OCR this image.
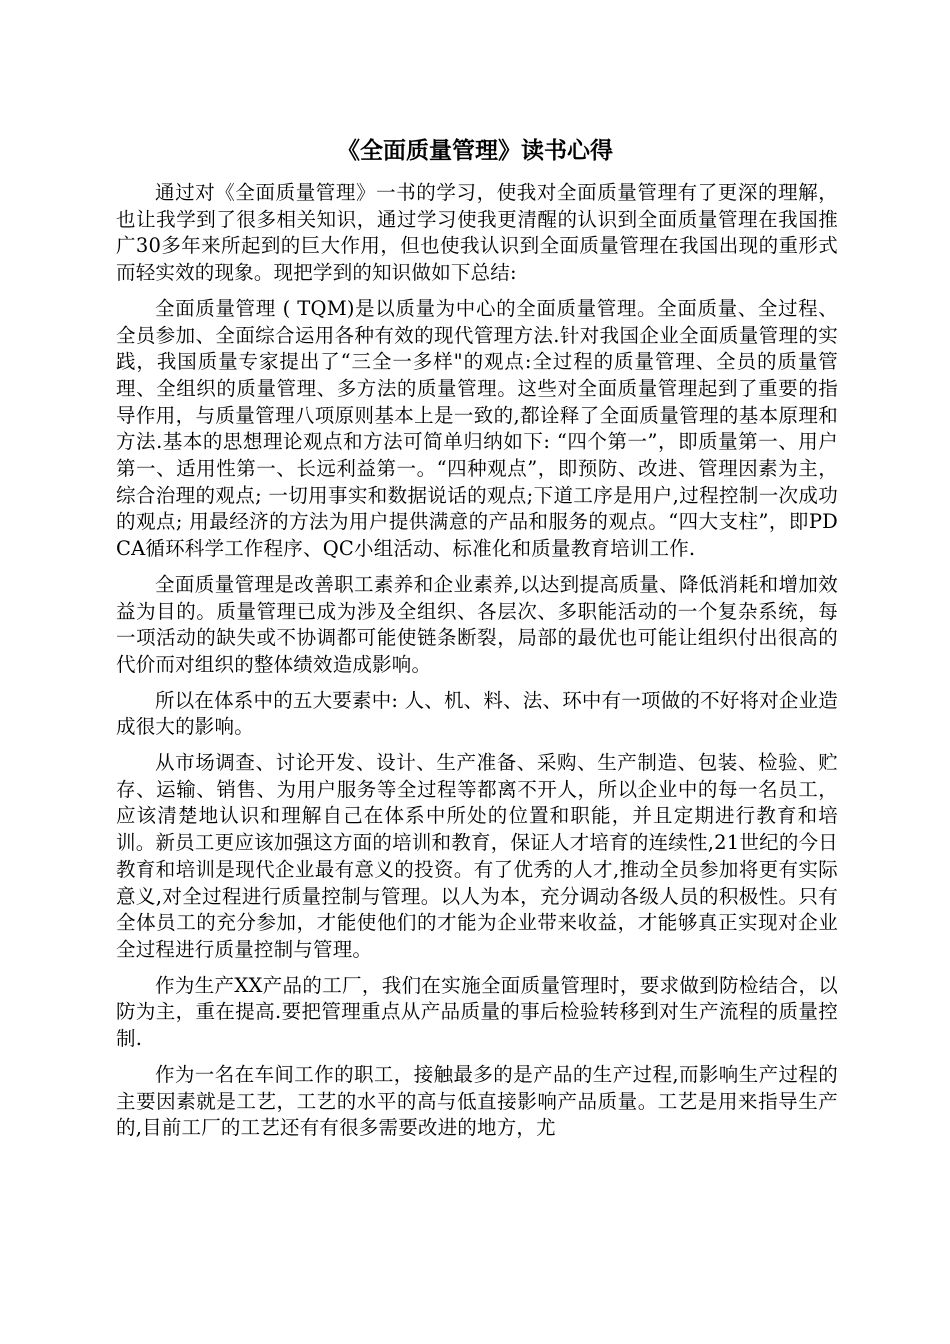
《全面质量管理》读书心得

通过对《全面质量管理》一书的学习，使我对全面质量管理有了更深的理解，也让我学到了很多相关知识，通过学习使我更清醒的认识到全面质量管理在我国推广30多年来所起到的巨大作用，但也使我认识到全面质量管理在我国出现的重形式而轻实效的现象。现把学到的知识做如下总结:

全面质量管理 ( TQM)是以质量为中心的全面质量管理。全面质量、全过程、全员参加、全面综合运用各种有效的现代管理方法.针对我国企业全面质量管理的实践，我国质量专家提出了“三全一多样"的观点:全过程的质量管理、全员的质量管理、全组织的质量管理、多方法的质量管理。这些对全面质量管理起到了重要的指导作用，与质量管理八项原则基本上是一致的,都诠释了全面质量管理的基本原理和方法.基本的思想理论观点和方法可简单归纳如下: “四个第一”，即质量第一、用户第一、适用性第一、长远利益第一。“四种观点”，即预防、改进、管理因素为主，综合治理的观点; 一切用事实和数据说话的观点;下道工序是用户,过程控制一次成功的观点; 用最经济的方法为用户提供满意的产品和服务的观点。“四大支柱”，即PDCA循环科学工作程序、QC小组活动、标准化和质量教育培训工作.

全面质量管理是改善职工素养和企业素养,以达到提高质量、降低消耗和增加效益为目的。质量管理已成为涉及全组织、各层次、多职能活动的一个复杂系统，每一项活动的缺失或不协调都可能使链条断裂，局部的最优也可能让组织付出很高的代价而对组织的整体绩效造成影响。

所以在体系中的五大要素中: 人、机、料、法、环中有一项做的不好将对企业造成很大的影响。

从市场调查、讨论开发、设计、生产准备、采购、生产制造、包装、检验、贮存、运输、销售、为用户服务等全过程等都离不开人，所以企业中的每一名员工，应该清楚地认识和理解自己在体系中所处的位置和职能，并且定期进行教育和培训。新员工更应该加强这方面的培训和教育，保证人才培育的连续性,21世纪的今日教育和培训是现代企业最有意义的投资。有了优秀的人才,推动全员参加将更有实际意义,对全过程进行质量控制与管理。以人为本，充分调动各级人员的积极性。只有全体员工的充分参加，才能使他们的才能为企业带来收益，才能够真正实现对企业全过程进行质量控制与管理。

作为生产XX产品的工厂，我们在实施全面质量管理时，要求做到防检结合，以防为主，重在提高.要把管理重点从产品质量的事后检验转移到对生产流程的质量控制.

作为一名在车间工作的职工，接触最多的是产品的生产过程,而影响生产过程的主要因素就是工艺，工艺的水平的高与低直接影响产品质量。工艺是用来指导生产的,目前工厂的工艺还有有很多需要改进的地方，尤
